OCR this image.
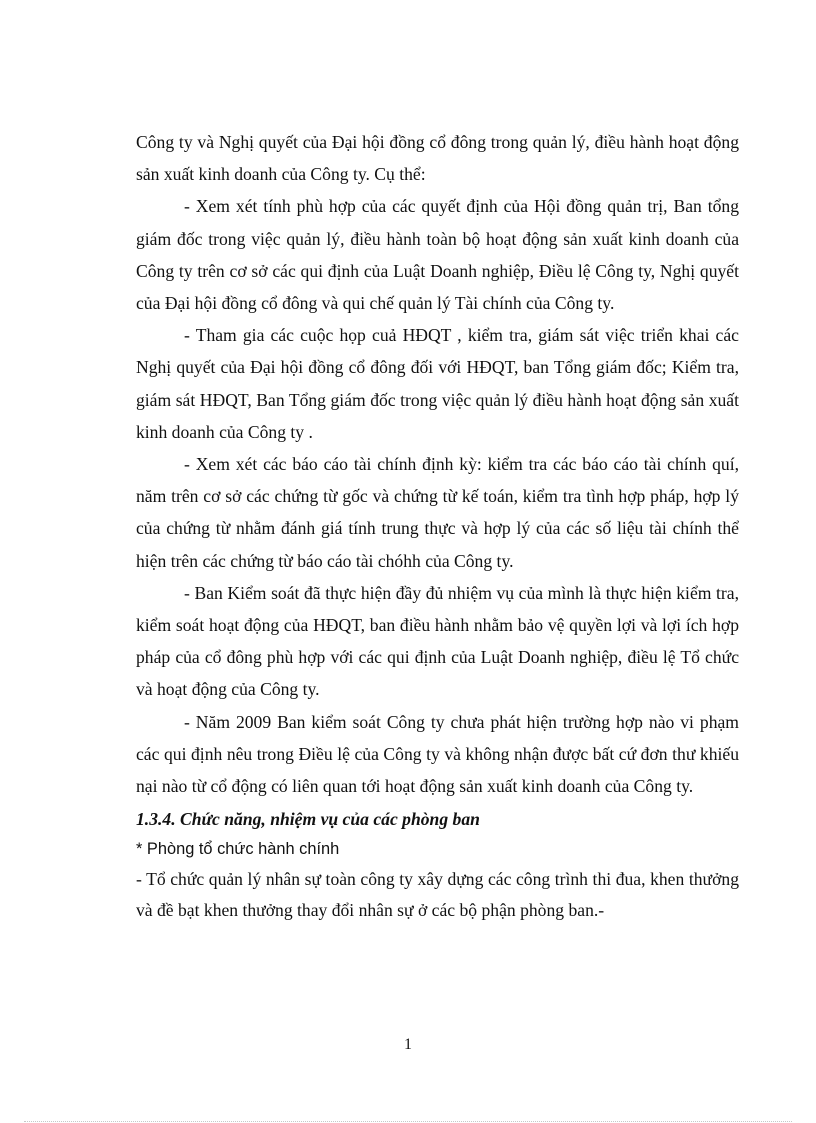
Công ty và Nghị quyết của Đại hội đồng cổ đông trong quản lý, điều hành hoạt động sản xuất kinh doanh của Công ty. Cụ thể:

- Xem xét tính phù hợp của các quyết định của Hội đồng quản trị, Ban tổng giám đốc trong việc quản lý, điều hành toàn bộ hoạt động sản xuất kinh doanh của Công ty trên cơ sở các qui định của Luật Doanh nghiệp, Điều lệ Công ty, Nghị quyết của Đại hội đồng cổ đông và qui chế quản lý Tài chính của Công ty.

- Tham gia các cuộc họp cuả HĐQT , kiểm tra, giám sát việc triển khai các Nghị quyết của Đại hội đồng cổ đông đối với HĐQT, ban Tổng giám đốc; Kiểm tra, giám sát HĐQT, Ban Tổng giám đốc trong việc quản lý điều hành hoạt động sản xuất kinh doanh của Công ty .

- Xem xét các báo cáo tài chính định kỳ: kiểm tra các báo cáo tài chính quí, năm trên cơ sở các chứng từ gốc và chứng từ kế toán, kiểm tra tình hợp pháp, hợp lý của chứng từ nhằm đánh giá tính trung thực và hợp lý của các số liệu tài chính thể hiện trên các chứng từ báo cáo tài chóhh của Công ty.

- Ban Kiểm soát đã thực hiện đầy đủ nhiệm vụ của mình là thực hiện kiểm tra, kiểm soát hoạt động của HĐQT, ban điều hành nhằm bảo vệ quyền lợi và lợi ích hợp pháp của cổ đông phù hợp với các qui định của Luật Doanh nghiệp, điều lệ Tổ chức và hoạt động của Công ty.

- Năm 2009 Ban kiểm soát Công ty chưa phát hiện trường hợp nào vi phạm các qui định nêu trong Điều lệ của Công ty và không nhận được bất cứ đơn thư khiếu nại nào từ cổ động có liên quan tới hoạt động sản xuất kinh doanh của Công ty.

1.3.4. Chức năng, nhiệm vụ của các phòng ban

* Phòng tổ chức hành chính

- Tổ chức quản lý nhân sự toàn công ty xây dựng các công trình thi đua, khen thưởng và đề bạt khen thưởng thay đổi nhân sự ở các bộ phận phòng ban.-

1
